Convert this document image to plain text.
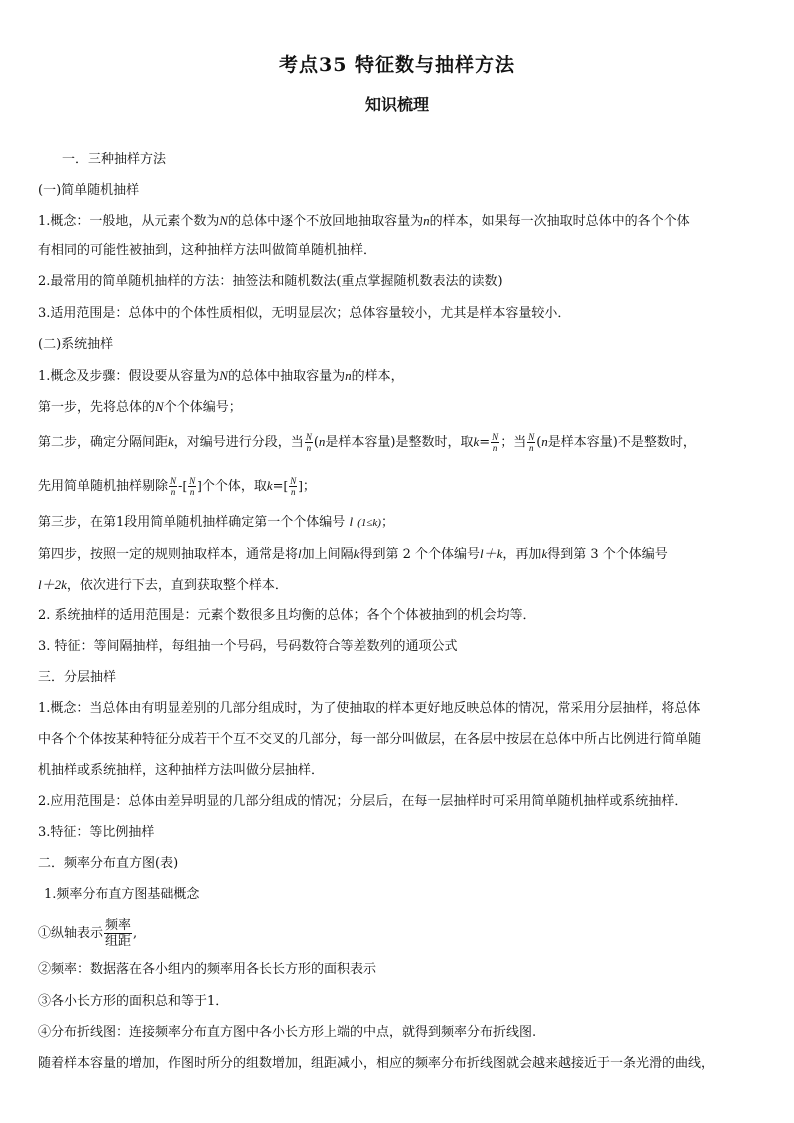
考点35 特征数与抽样方法
知识梳理
一．三种抽样方法
(一)简单随机抽样
1.概念：一般地，从元素个数为N的总体中逐个不放回地抽取容量为n的样本，如果每一次抽取时总体中的各个个体
有相同的可能性被抽到，这种抽样方法叫做简单随机抽样．
2.最常用的简单随机抽样的方法：抽签法和随机数法(重点掌握随机数表法的读数)
3.适用范围是：总体中的个体性质相似，无明显层次；总体容量较小，尤其是样本容量较小．
(二)系统抽样
1.概念及步骤：假设要从容量为N的总体中抽取容量为n的样本，
第一步，先将总体的N个个体编号；
第二步，确定分隔间距k，对编号进行分段，当 $\frac{N}{n} (n$是样本容量)是整数时，取$k= \frac{N}{n}$ ；当 $\frac{N}{n} (n$是样本容量)不是整数时，
先用简单随机抽样剔除 $\frac{N}{n}$ -[ $\frac{N}{n}$ ]个个体，取$k=[ \frac{N}{n}$ ]；
第三步，在第1段用简单随机抽样确定第一个个体编号 l (1≤k)；
第四步，按照一定的规则抽取样本，通常是将l加上间隔k得到第 2 个个体编号l＋k，再加k得到第 3 个个体编号
l＋2k，依次进行下去，直到获取整个样本．
2. 系统抽样的适用范围是：元素个数很多且均衡的总体；各个个体被抽到的机会均等．
3. 特征：等间隔抽样，每组抽一个号码，号码数符合等差数列的通项公式
三．分层抽样
1.概念：当总体由有明显差别的几部分组成时，为了使抽取的样本更好地反映总体的情况，常采用分层抽样，将总体
中各个个体按某种特征分成若干个互不交叉的几部分，每一部分叫做层，在各层中按层在总体中所占比例进行简单随
机抽样或系统抽样，这种抽样方法叫做分层抽样．
2.应用范围是：总体由差异明显的几部分组成的情况；分层后，在每一层抽样时可采用简单随机抽样或系统抽样．
3.特征：等比例抽样
二．频率分布直方图(表)
1.频率分布直方图基础概念
①纵轴表示 $\frac{\text{频率}}{\text{组距}}$ ,
②频率：数据落在各小组内的频率用各长长方形的面积表示
③各小长方形的面积总和等于1．
④分布折线图：连接频率分布直方图中各小长方形上端的中点，就得到频率分布折线图.
随着样本容量的增加，作图时所分的组数增加，组距减小，相应的频率分布折线图就会越来越接近于一条光滑的曲线，
